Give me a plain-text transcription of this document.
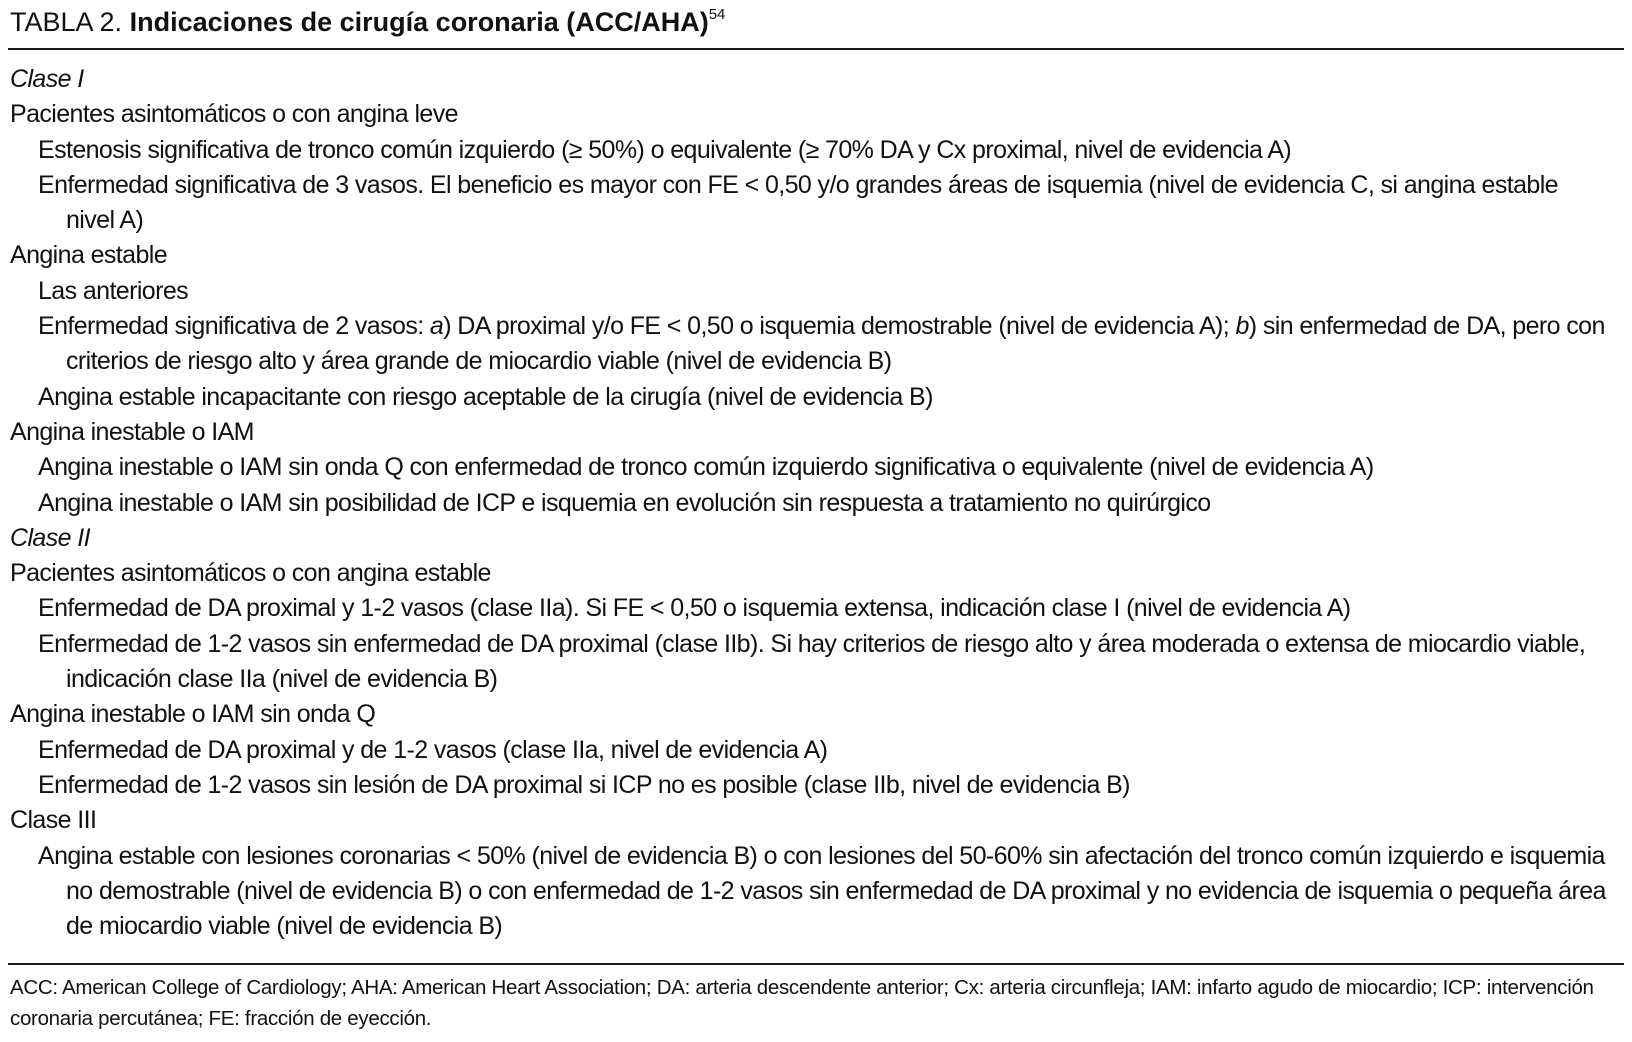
TABLA 2. Indicaciones de cirugía coronaria $(ACC/AHA)^{54}$

Clase I

Pacientes asintomáticos o con angina leve

Estenosis significativa de tronco común izquierdo (≥ 50%) o equivalente (≥ 70% DA y Cx proximal, nivel de evidencia A)

Enfermedad significativa de 3 vasos. El beneficio es mayor con FE < 0,50 y/o grandes áreas de isquemia (nivel de evidencia C, si angina estable nivel A)

Angina estable

Las anteriores

Enfermedad significativa de 2 vasos: a) DA proximal y/o FE < 0,50 o isquemia demostrable (nivel de evidencia A); b) sin enfermedad de DA, pero con criterios de riesgo alto y área grande de miocardio viable (nivel de evidencia B)

Angina estable incapacitante con riesgo aceptable de la cirugía (nivel de evidencia B)

Angina inestable o IAM

Angina inestable o IAM sin onda Q con enfermedad de tronco común izquierdo significativa o equivalente (nivel de evidencia A)

Angina inestable o IAM sin posibilidad de ICP e isquemia en evolución sin respuesta a tratamiento no quirúrgico

Clase II

Pacientes asintomáticos o con angina estable

Enfermedad de DA proximal y 1-2 vasos (clase IIa). Si FE < 0,50 o isquemia extensa, indicación clase I (nivel de evidencia A)

Enfermedad de 1-2 vasos sin enfermedad de DA proximal (clase IIb). Si hay criterios de riesgo alto y área moderada o extensa de miocardio viable, indicación clase IIa (nivel de evidencia B)

Angina inestable o IAM sin onda Q

Enfermedad de DA proximal y de 1-2 vasos (clase IIa, nivel de evidencia A)

Enfermedad de 1-2 vasos sin lesión de DA proximal si ICP no es posible (clase IIb, nivel de evidencia B)

Clase III

Angina estable con lesiones coronarias < 50% (nivel de evidencia B) o con lesiones del 50-60% sin afectación del tronco común izquierdo e isquemia no demostrable (nivel de evidencia B) o con enfermedad de 1-2 vasos sin enfermedad de DA proximal y no evidencia de isquemia o pequeña área de miocardio viable (nivel de evidencia B)

ACC: American College of Cardiology; AHA: American Heart Association; DA: arteria descendente anterior; Cx: arteria circunfleja; IAM: infarto agudo de miocardio; ICP: intervención coronaria percutánea; FE: fracción de eyección.
